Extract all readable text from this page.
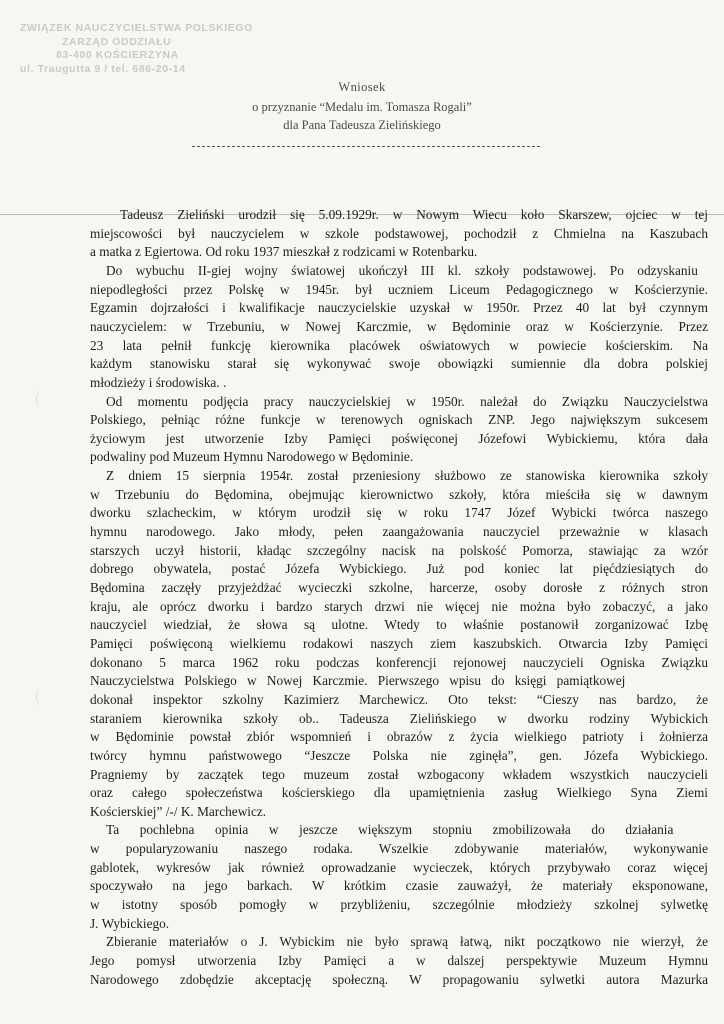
ZWIĄZEK NAUCZYCIELSTWA POLSKIEGO
ZARZĄD ODDZIAŁU
83-400 KOŚCIERZYNA
ul. Traugutta 9 / tel. 686-20-14
Wniosek
o przyznanie “Medalu im. Tomasza Rogali”
dla Pana Tadeusza Zielińskiego
Tadeusz Zieliński urodził się 5.09.1929r. w Nowym Wiecu koło Skarszew, ojciec w tej
miejscowości był nauczycielem w szkole podstawowej, pochodził z Chmielna na Kaszubach
a matka z Egiertowa. Od roku 1937 mieszkał z rodzicami w Rotenbarku.
Do wybuchu II-giej wojny światowej ukończył III kl. szkoły podstawowej. Po odzyskaniu
niepodległości przez Polskę w 1945r. był uczniem Liceum Pedagogicznego w Kościerzynie.
Egzamin dojrzałości i kwalifikacje nauczycielskie uzyskał w 1950r. Przez 40 lat był czynnym
nauczycielem: w Trzebuniu, w Nowej Karczmie, w Będominie oraz w Kościerzynie. Przez
23 lata pełnił funkcję kierownika placówek oświatowych w powiecie kościerskim. Na
każdym stanowisku starał się wykonywać swoje obowiązki sumiennie dla dobra polskiej
młodzieży i środowiska. .
Od momentu podjęcia pracy nauczycielskiej w 1950r. należał do Związku Nauczycielstwa
Polskiego, pełniąc różne funkcje w terenowych ogniskach ZNP. Jego największym sukcesem
życiowym jest utworzenie Izby Pamięci poświęconej Józefowi Wybickiemu, która dała
podwaliny pod Muzeum Hymnu Narodowego w Będominie.
Z dniem 15 sierpnia 1954r. został przeniesiony służbowo ze stanowiska kierownika szkoły
w Trzebuniu do Będomina, obejmując kierownictwo szkoły, która mieściła się w dawnym
dworku szlacheckim, w którym urodził się w roku 1747 Józef Wybicki twórca naszego
hymnu narodowego. Jako młody, pełen zaangażowania nauczyciel przeważnie w klasach
starszych uczył historii, kładąc szczególny nacisk na polskość Pomorza, stawiając za wzór
dobrego obywatela, postać Józefa Wybickiego. Już pod koniec lat pięćdziesiątych do
Będomina zaczęły przyjeżdżać wycieczki szkolne, harcerze, osoby dorosłe z różnych stron
kraju, ale oprócz dworku i bardzo starych drzwi nie więcej nie można było zobaczyć, a jako
nauczyciel wiedział, że słowa są ulotne. Wtedy to właśnie postanowił zorganizować Izbę
Pamięci poświęconą wielkiemu rodakowi naszych ziem kaszubskich. Otwarcia Izby Pamięci
dokonano 5 marca 1962 roku podczas konferencji rejonowej nauczycieli Ogniska Związku
Nauczycielstwa Polskiego w Nowej Karczmie. Pierwszego wpisu do księgi pamiątkowej
dokonał inspektor szkolny Kazimierz Marchewicz. Oto tekst: “Cieszy nas bardzo, że
staraniem kierownika szkoły ob.. Tadeusza Zielińskiego w dworku rodziny Wybickich
w Będominie powstał zbiór wspomnień i obrazów z życia wielkiego patrioty i żołnierza
twórcy hymnu państwowego “Jeszcze Polska nie zginęła”, gen. Józefa Wybickiego.
Pragniemy by zaczątek tego muzeum został wzbogacony wkładem wszystkich nauczycieli
oraz całego społeczeństwa kościerskiego dla upamiętnienia zasług Wielkiego Syna Ziemi
Kościerskiej” /-/ K. Marchewicz.
Ta pochlebna opinia w jeszcze większym stopniu zmobilizowała do działania
w popularyzowaniu naszego rodaka. Wszelkie zdobywanie materiałów, wykonywanie
gablotek, wykresów jak również oprowadzanie wycieczek, których przybywało coraz więcej
spoczywało na jego barkach. W krótkim czasie zauważył, że materiały eksponowane,
w istotny sposób pomogły w przybliżeniu, szczególnie młodzieży szkolnej sylwetkę
J. Wybickiego.
Zbieranie materiałów o J. Wybickim nie było sprawą łatwą, nikt początkowo nie wierzył, że
Jego pomysł utworzenia Izby Pamięci a w dalszej perspektywie Muzeum Hymnu
Narodowego zdobędzie akceptację społeczną. W propagowaniu sylwetki autora Mazurka
